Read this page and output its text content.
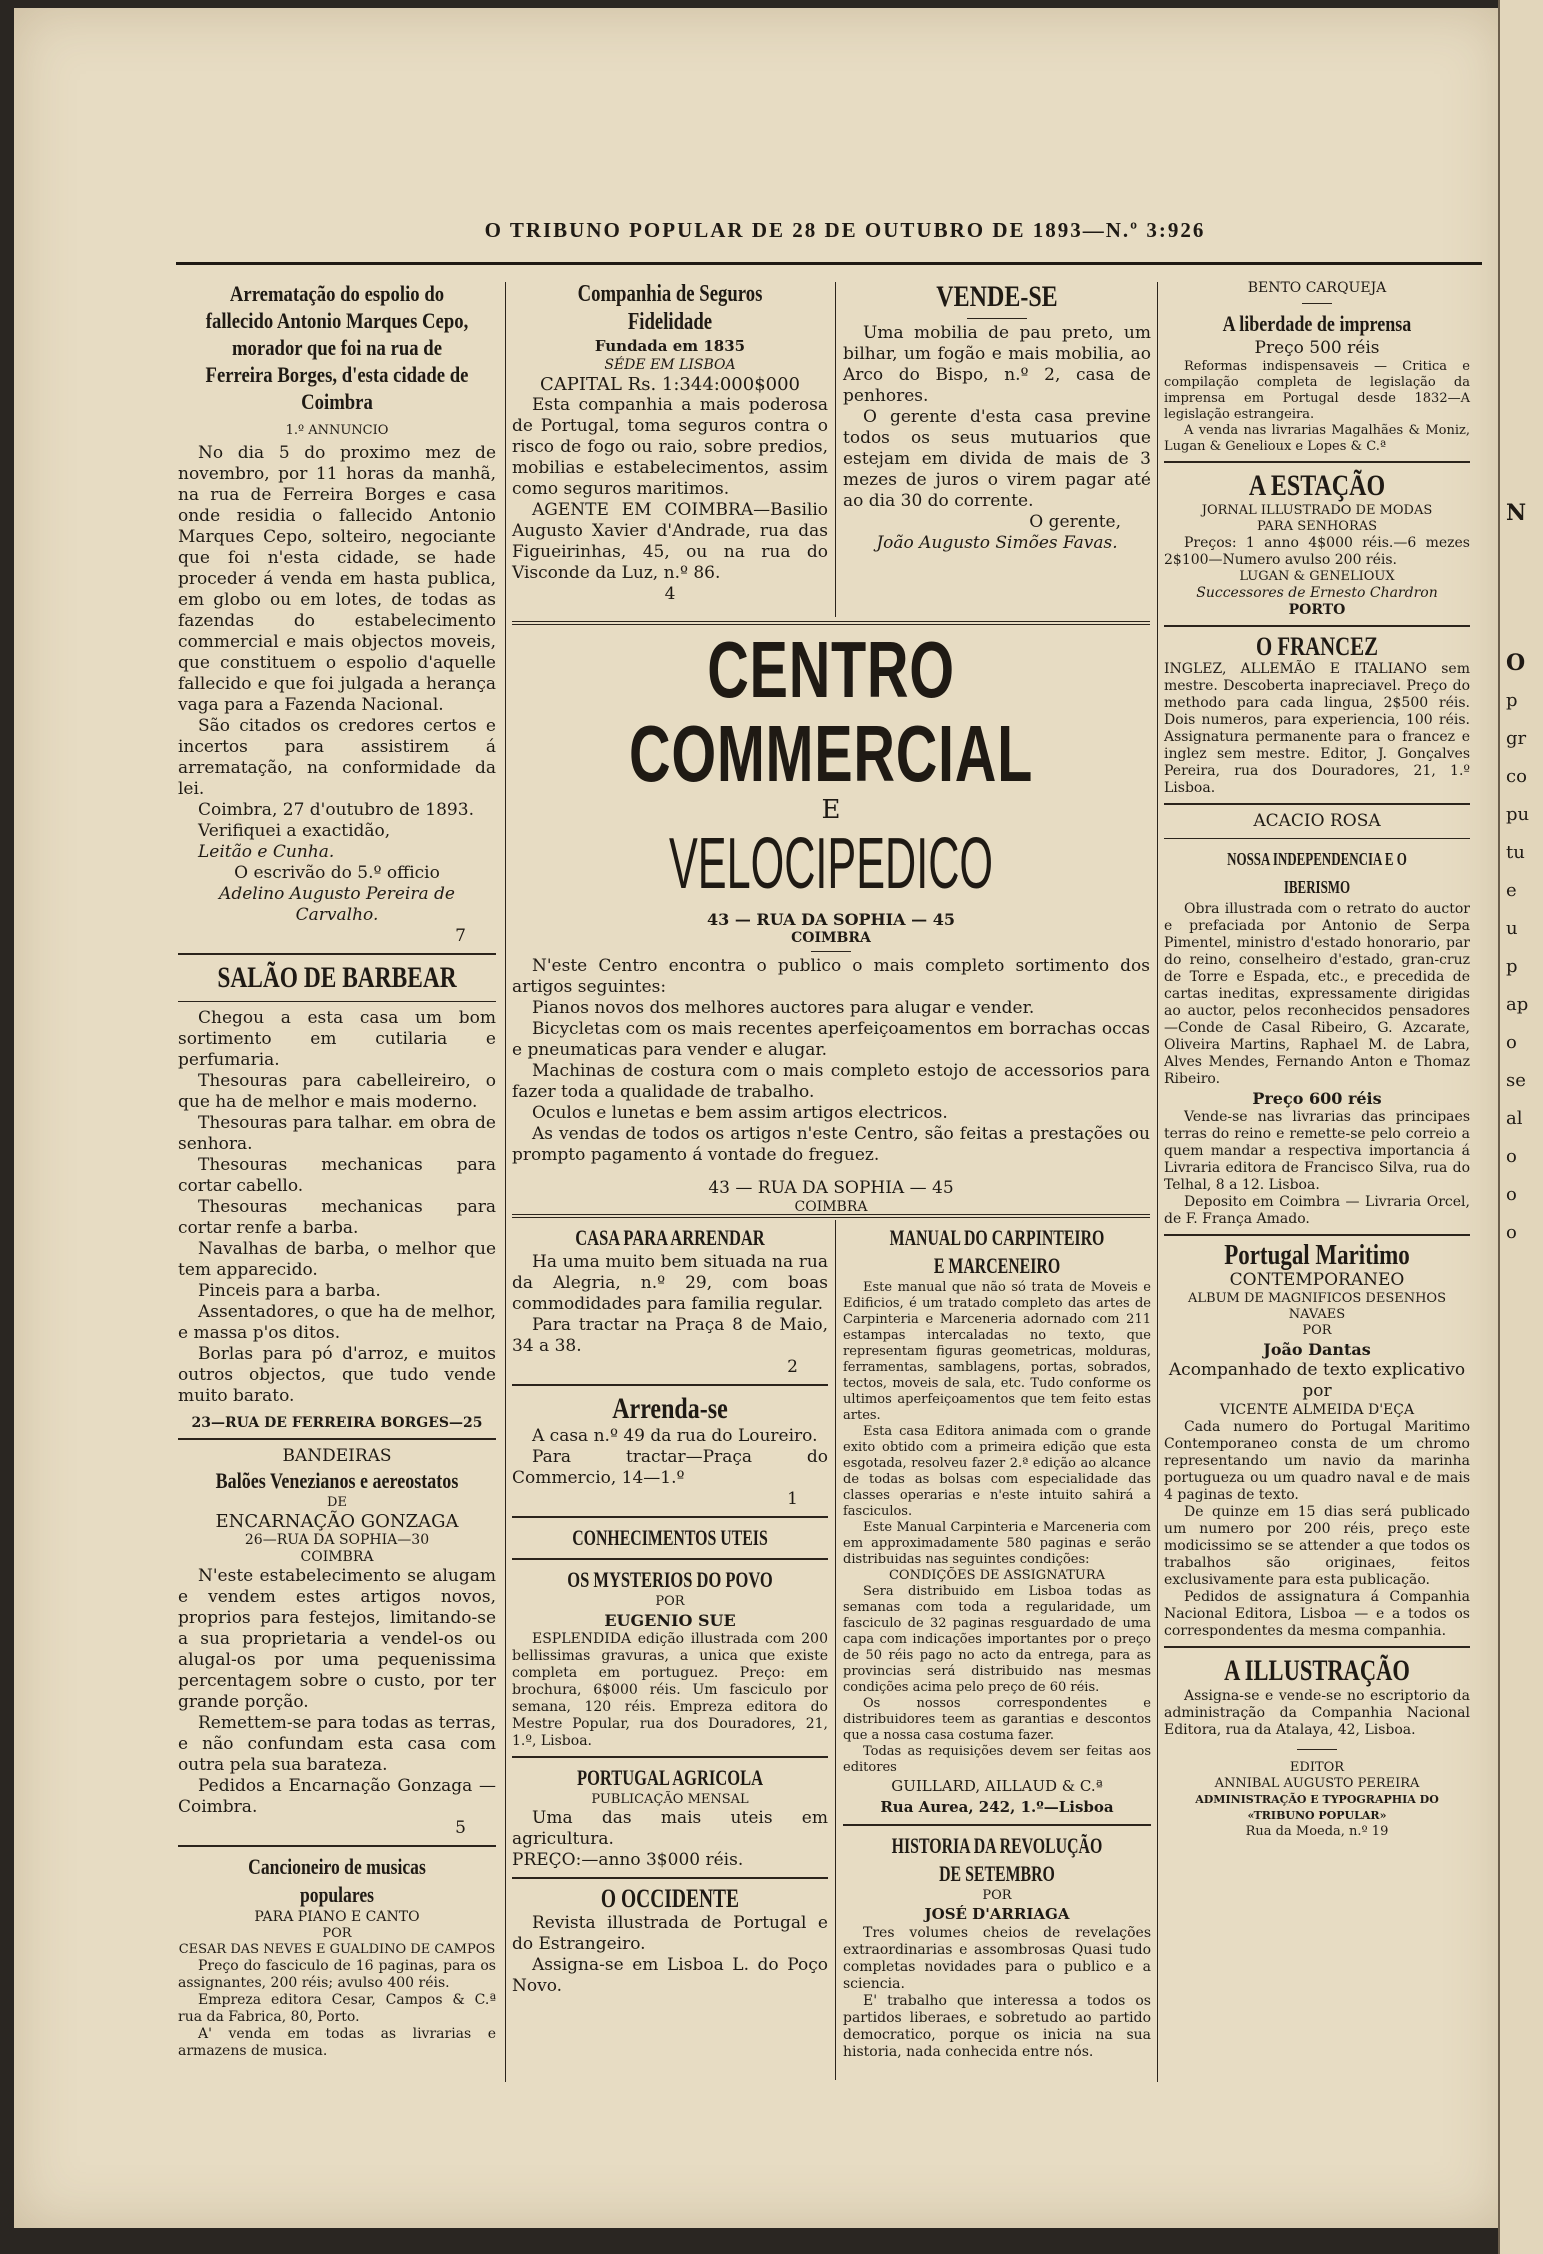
N
O
p
gr
co
pu
tu
e
u
p
ap
o
se
al
o
o
o
O TRIBUNO POPULAR DE 28 DE OUTUBRO DE 1893—N.º 3:926
Arrematação do espolio do fallecido Antonio Marques Cepo, morador que foi na rua de Ferreira Borges, d'esta cidade de Coimbra
1.º ANNUNCIO

No dia 5 do proximo mez de novembro, por 11 horas da manhã, na rua de Ferreira Borges e casa onde residia o fallecido Antonio Marques Cepo, solteiro, negociante que foi n'esta cidade, se hade proceder á venda em hasta publica, em globo ou em lotes, de todas as fazendas do estabelecimento commercial e mais objectos moveis, que constituem o espolio d'aquelle fallecido e que foi julgada a herança vaga para a Fazenda Nacional.

São citados os credores certos e incertos para assistirem á arrematação, na conformidade da lei.

Coimbra, 27 d'outubro de 1893.

Verifiquei a exactidão,

Leitão e Cunha.

O escrivão do 5.º officio

Adelino Augusto Pereira de Carvalho.

7

SALÃO DE BARBEAR

Chegou a esta casa um bom sortimento em cutilaria e perfumaria.

Thesouras para cabelleireiro, o que ha de melhor e mais moderno.

Thesouras para talhar. em obra de senhora.

Thesouras mechanicas para cortar cabello.

Thesouras mechanicas para cortar renfe a barba.

Navalhas de barba, o melhor que tem apparecido.

Pinceis para a barba.

Assentadores, o que ha de melhor, e massa p'os ditos.

Borlas para pó d'arroz, e muitos outros objectos, que tudo vende muito barato.

23—RUA DE FERREIRA BORGES—25

BANDEIRAS

Balões Venezianos e aereostatos

DE

ENCARNAÇÃO GONZAGA

26—RUA DA SOPHIA—30

COIMBRA

N'este estabelecimento se alugam e vendem estes artigos novos, proprios para festejos, limitando-se a sua proprietaria a vendel-os ou alugal-os por uma pequenissima percentagem sobre o custo, por ter grande porção.

Remettem-se para todas as terras, e não confundam esta casa com outra pela sua barateza.

Pedidos a Encarnação Gonzaga — Coimbra.

5

Cancioneiro de musicas populares

PARA PIANO E CANTO

POR

CESAR DAS NEVES E GUALDINO DE CAMPOS

Preço do fasciculo de 16 paginas, para os assignantes, 200 réis; avulso 400 réis.

Empreza editora Cesar, Campos & C.ª rua da Fabrica, 80, Porto.

A' venda em todas as livrarias e armazens de musica.

Companhia de Seguros Fidelidade

Fundada em 1835

SÉDE EM LISBOA

CAPITAL Rs. 1:344:000$000

Esta companhia a mais poderosa de Portugal, toma seguros contra o risco de fogo ou raio, sobre predios, mobilias e estabelecimentos, assim como seguros maritimos.

AGENTE EM COIMBRA—Basilio Augusto Xavier d'Andrade, rua das Figueirinhas, 45, ou na rua do Visconde da Luz, n.º 86.

4

VENDE-SE

Uma mobilia de pau preto, um bilhar, um fogão e mais mobilia, ao Arco do Bispo, n.º 2, casa de penhores.

O gerente d'esta casa previne todos os seus mutuarios que estejam em divida de mais de 3 mezes de juros o virem pagar até ao dia 30 do corrente.

O gerente,

João Augusto Simões Favas.

CENTRO COMMERCIAL

E

VELOCIPEDICO

43 — RUA DA SOPHIA — 45

COIMBRA

N'este Centro encontra o publico o mais completo sortimento dos artigos seguintes:

Pianos novos dos melhores auctores para alugar e vender.

Bicycletas com os mais recentes aperfeiçoamentos em borrachas occas e pneumaticas para vender e alugar.

Machinas de costura com o mais completo estojo de accessorios para fazer toda a qualidade de trabalho.

Oculos e lunetas e bem assim artigos electricos.

As vendas de todos os artigos n'este Centro, são feitas a prestações ou prompto pagamento á vontade do freguez.

43 — RUA DA SOPHIA — 45

COIMBRA

CASA PARA ARRENDAR

Ha uma muito bem situada na rua da Alegria, n.º 29, com boas commodidades para familia regular.

Para tractar na Praça 8 de Maio, 34 a 38.

2

Arrenda-se

A casa n.º 49 da rua do Loureiro.

Para tractar—Praça do Commercio, 14—1.º

1

CONHECIMENTOS UTEIS
OS MYSTERIOS DO POVO

POR

EUGENIO SUE

ESPLENDIDA edição illustrada com 200 bellissimas gravuras, a unica que existe completa em portuguez. Preço: em brochura, 6$000 réis. Um fasciculo por semana, 120 réis. Empreza editora do Mestre Popular, rua dos Douradores, 21, 1.º, Lisboa.

PORTUGAL AGRICOLA

PUBLICAÇÃO MENSAL

Uma das mais uteis em agricultura.

PREÇO:—anno 3$000 réis.

O OCCIDENTE

Revista illustrada de Portugal e do Estrangeiro.

Assigna-se em Lisboa L. do Poço Novo.

MANUAL DO CARPINTEIRO E MARCENEIRO

Este manual que não só trata de Moveis e Edificios, é um tratado completo das artes de Carpinteria e Marceneria adornado com 211 estampas intercaladas no texto, que representam figuras geometricas, molduras, ferramentas, samblagens, portas, sobrados, tectos, moveis de sala, etc. Tudo conforme os ultimos aperfeiçoamentos que tem feito estas artes.

Esta casa Editora animada com o grande exito obtido com a primeira edição que esta esgotada, resolveu fazer 2.ª edição ao alcance de todas as bolsas com especialidade das classes operarias e n'este intuito sahirá a fasciculos.

Este Manual Carpinteria e Marceneria com em approximadamente 580 paginas e serão distribuidas nas seguintes condições:

CONDIÇÕES DE ASSIGNATURA

Sera distribuido em Lisboa todas as semanas com toda a regularidade, um fasciculo de 32 paginas resguardado de uma capa com indicações importantes por o preço de 50 réis pago no acto da entrega, para as provincias será distribuido nas mesmas condições acima pelo preço de 60 réis.

Os nossos correspondentes e distribuidores teem as garantias e descontos que a nossa casa costuma fazer.

Todas as requisições devem ser feitas aos editores

GUILLARD, AILLAUD & C.ª

Rua Aurea, 242, 1.º—Lisboa

HISTORIA DA REVOLUÇÃO DE SETEMBRO

POR

JOSÉ D'ARRIAGA

Tres volumes cheios de revelações extraordinarias e assombrosas Quasi tudo completas novidades para o publico e a sciencia.

E' trabalho que interessa a todos os partidos liberaes, e sobretudo ao partido democratico, porque os inicia na sua historia, nada conhecida entre nós.

BENTO CARQUEJA

A liberdade de imprensa

Preço 500 réis

Reformas indispensaveis — Critica e compilação completa de legislação da imprensa em Portugal desde 1832—A legislação estrangeira.

A venda nas livrarias Magalhães & Moniz, Lugan & Genelioux e Lopes & C.ª

A ESTAÇÃO

JORNAL ILLUSTRADO DE MODAS

PARA SENHORAS

Preços: 1 anno 4$000 réis.—6 mezes 2$100—Numero avulso 200 réis.

LUGAN & GENELIOUX

Successores de Ernesto Chardron

PORTO

O FRANCEZ

INGLEZ, ALLEMÃO E ITALIANO sem mestre. Descoberta inapreciavel. Preço do methodo para cada lingua, 2$500 réis. Dois numeros, para experiencia, 100 réis. Assignatura permanente para o francez e inglez sem mestre. Editor, J. Gonçalves Pereira, rua dos Douradores, 21, 1.º Lisboa.

ACACIO ROSA

NOSSA INDEPENDENCIA E O IBERISMO

Obra illustrada com o retrato do auctor e prefaciada por Antonio de Serpa Pimentel, ministro d'estado honorario, par do reino, conselheiro d'estado, gran-cruz de Torre e Espada, etc., e precedida de cartas ineditas, expressamente dirigidas ao auctor, pelos reconhecidos pensadores—Conde de Casal Ribeiro, G. Azcarate, Oliveira Martins, Raphael M. de Labra, Alves Mendes, Fernando Anton e Thomaz Ribeiro.

Preço 600 réis

Vende-se nas livrarias das principaes terras do reino e remette-se pelo correio a quem mandar a respectiva importancia á Livraria editora de Francisco Silva, rua do Telhal, 8 a 12. Lisboa.

Deposito em Coimbra — Livraria Orcel, de F. França Amado.

Portugal Maritimo

CONTEMPORANEO

ALBUM DE MAGNIFICOS DESENHOS NAVAES

POR

João Dantas

Acompanhado de texto explicativo por

VICENTE ALMEIDA D'EÇA

Cada numero do Portugal Maritimo Contemporaneo consta de um chromo representando um navio da marinha portugueza ou um quadro naval e de mais 4 paginas de texto.

De quinze em 15 dias será publicado um numero por 200 réis, preço este modicissimo se se attender a que todos os trabalhos são originaes, feitos exclusivamente para esta publicação.

Pedidos de assignatura á Companhia Nacional Editora, Lisboa — e a todos os correspondentes da mesma companhia.

A ILLUSTRAÇÃO

Assigna-se e vende-se no escriptorio da administração da Companhia Nacional Editora, rua da Atalaya, 42, Lisboa.

EDITOR

ANNIBAL AUGUSTO PEREIRA

ADMINISTRAÇÃO E TYPOGRAPHIA DO «TRIBUNO POPULAR»

Rua da Moeda, n.º 19
